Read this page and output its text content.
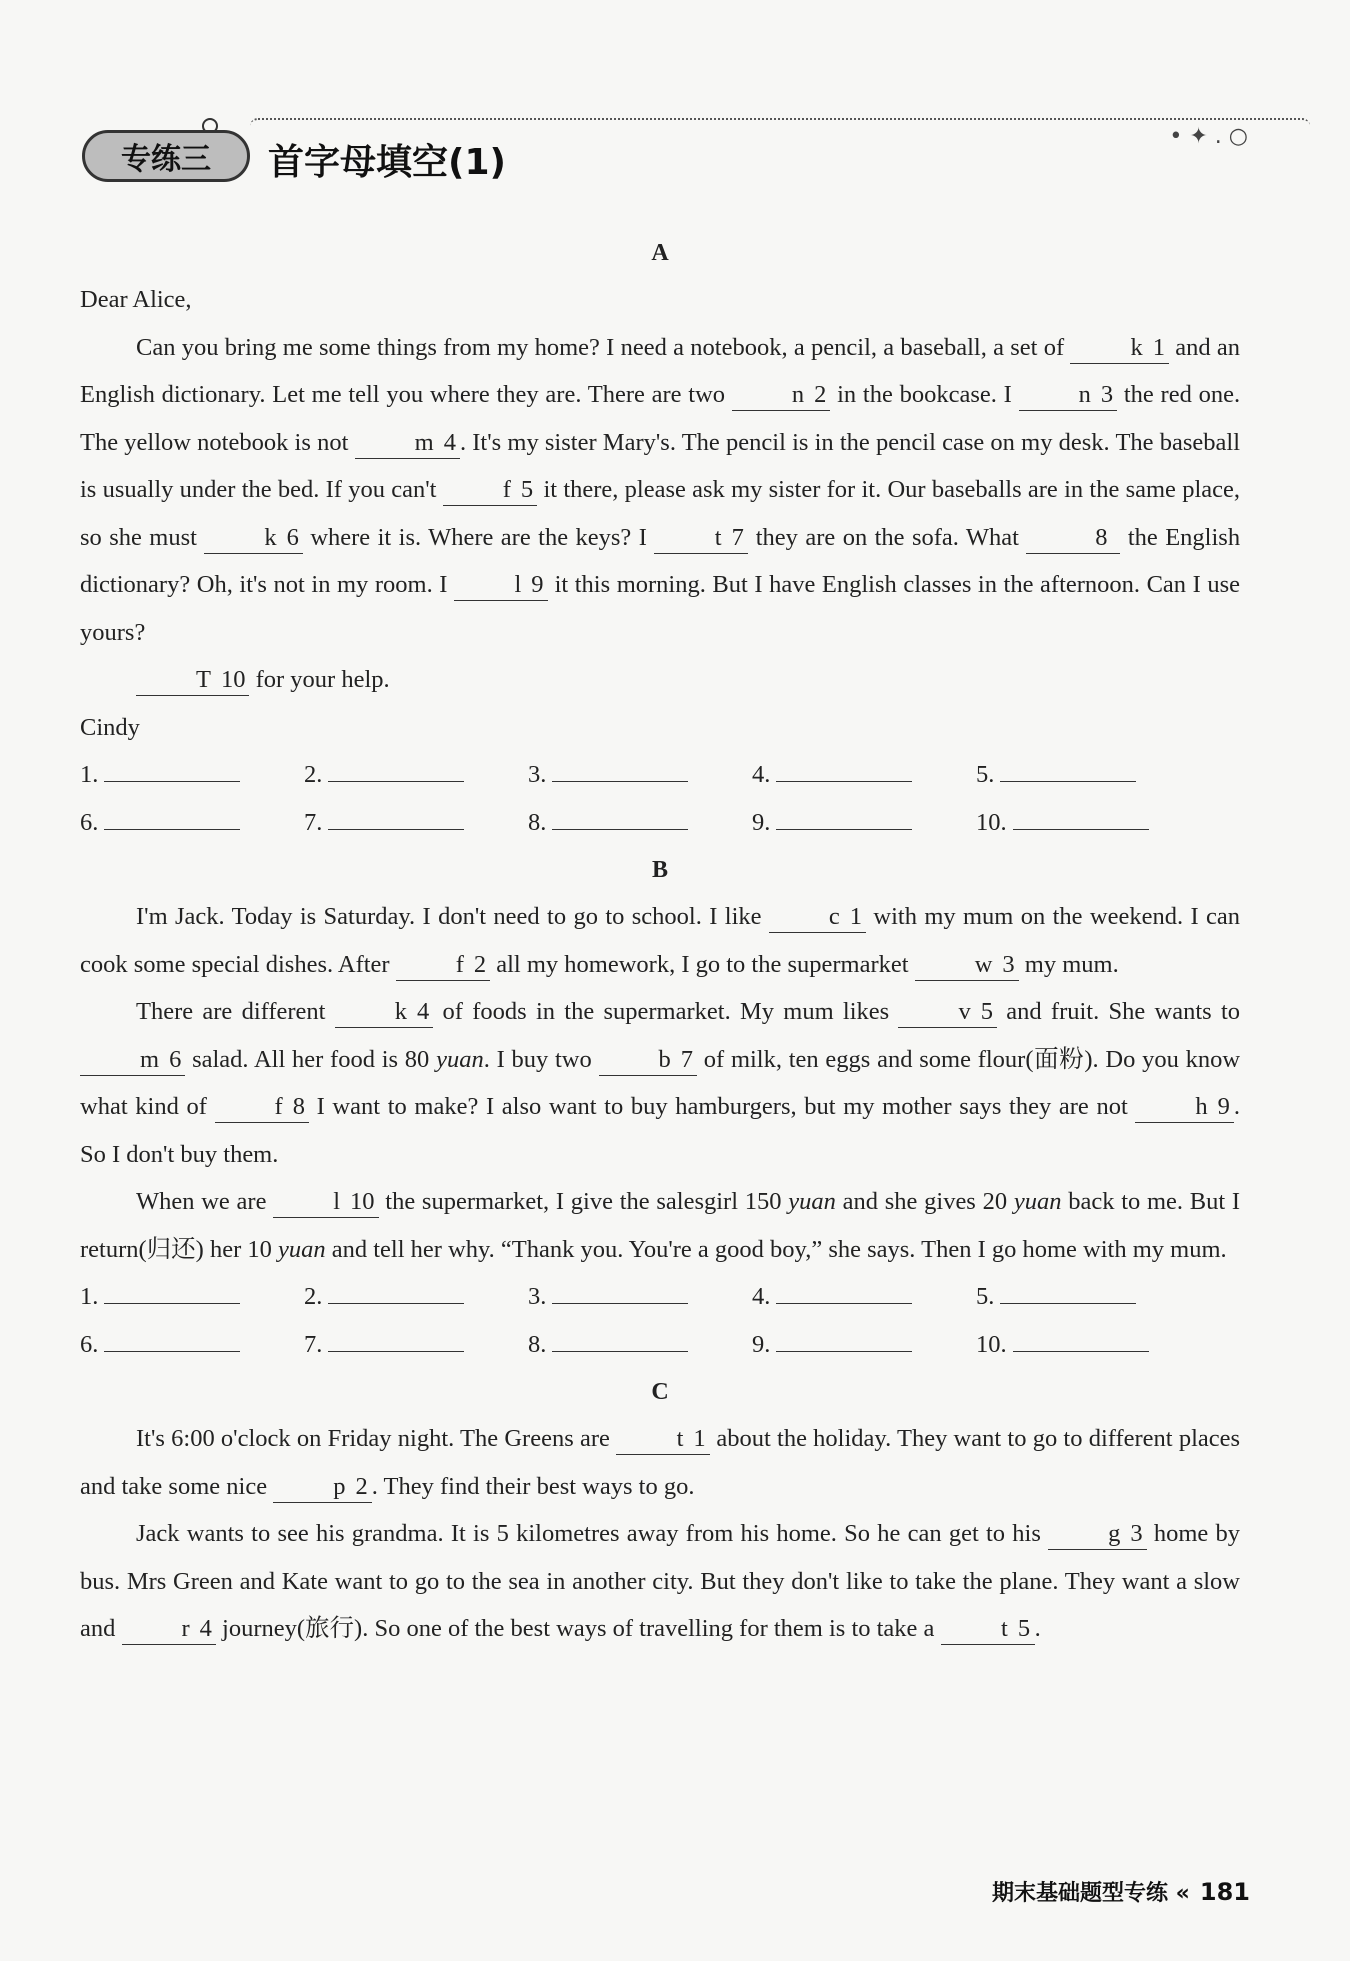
专练三	首字母填空(1)
• ✦ . ○
A

Dear Alice,

Can you bring me some things from my home? I need a notebook, a pencil, a baseball, a set of	k 1 and an English dictionary. Let me tell you where they are. There are two	n 2 in the bookcase. I	n 3 the red one. The yellow notebook is not	m 4 . It's my sister Mary's. The pencil is in the pencil case on my desk. The baseball is usually under the bed. If you can't	f 5 it there, please ask my sister for it. Our baseballs are in the same place, so she must	k 6 where it is. Where are the keys? I	t 7 they are on the sofa. What	8 the English dictionary? Oh, it's not in my room. I	l 9 it this morning. But I have English classes in the afternoon. Can I use yours?

T 10 for your help.

Cindy

1.	2.	3.	4.	5.
6.	7.	8.	9.	10.
B

I'm Jack. Today is Saturday. I don't need to go to school. I like	c 1 with my mum on the weekend. I can cook some special dishes. After	f 2 all my homework, I go to the supermarket	w 3 my mum.

There are different	k 4 of foods in the supermarket. My mum likes	v 5 and fruit. She wants to m 6 salad. All her food is 80 yuan. I buy two	b 7 of milk, ten eggs and some flour(面粉). Do you know what kind of	f 8 I want to make? I also want to buy hamburgers, but my mother says they are not	h 9 . So I don't buy them.

When we are	l 10 the supermarket, I give the salesgirl 150 yuan and she gives 20 yuan back to me. But I return(归还) her 10 yuan and tell her why. “Thank you. You're a good boy,” she says. Then I go home with my mum.

1.	2.	3.	4.	5.
6.	7.	8.	9.	10.
C

It's 6:00 o'clock on Friday night. The Greens are	t 1 about the holiday. They want to go to different places and take some nice	p 2 . They find their best ways to go.

Jack wants to see his grandma. It is 5 kilometres away from his home. So he can get to his	g 3 home by bus. Mrs Green and Kate want to go to the sea in another city. But they don't like to take the plane. They want a slow and	r 4 journey(旅行). So one of the best ways of travelling for them is to take a	t 5 .

期末基础题型专练 « 181
